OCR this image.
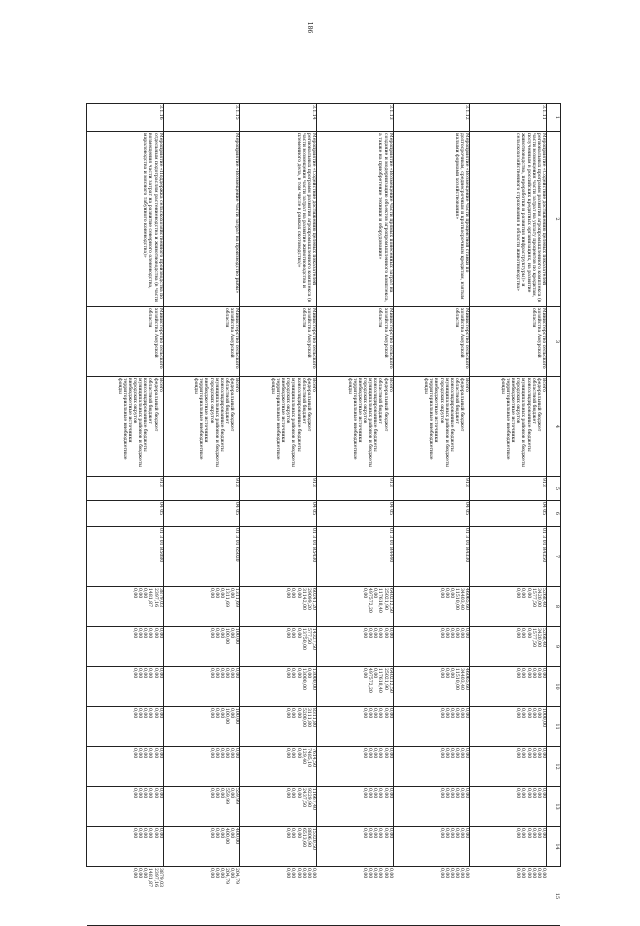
186
1
2
3
4
5
6
7
8
9
10
11
12
13
14
15
3.1.11
Мероприятие «Содействие достижению целевых показателей региональных программ развития агропромышленного комплекса (в части возмещения части затрат на уплату процентов по кредитам, полученным в российских кредитных организациях, на развитие животноводства, переработки и развития инфраструктуры)» и сельскохозяйственного страхования в области животноводства»
Министерство сельского хозяйства Амурской области
Всего
федеральный бюджет
областной бюджет
консолидированные бюджеты муниципальных районов и бюджеты городских округов
внебюджетные источники
территориальные внебюджетные фонды
913
04 05
01 3 01 R4350
5268,40
3420,00
1577,50
0,00
0,00
0,00
5268,40
3420,00
1577,50
0,00
0,00
0,00
0,00
0,00
0,00
0,00
0,00
0,00
1000,00
0,00
0,00
0,00
0,00
0,00
0,00
0,00
0,00
0,00
0,00
0,00
0,00
0,00
0,00
0,00
0,00
0,00
0,00
0,00
0,00
0,00
0,00
0,00
0,00
0,00
0,00
0,00
0,00
0,00
3.1.12
Мероприятие «Возмещение части процентной ставки по долгосрочным, среднесрочным и краткосрочным кредитам, взятым малыми формами хозяйствования»
Министерство сельского хозяйства Амурской области
Всего
федеральный бюджет
областной бюджет
консолидированные бюджеты муниципальных районов и бюджеты городских округов
внебюджетные источники
территориальные внебюджетные фонды
913
04 05
01 3 01 R4330
46065,60
34403,40
11510,00
0,00
0,00
0,00
0,00
0,00
0,00
0,00
0,00
0,00
46065,60
34403,40
11510,00
0,00
0,00
0,00
0,00
0,00
0,00
0,00
0,00
0,00
0,00
0,00
0,00
0,00
0,00
0,00
0,00
0,00
0,00
0,00
0,00
0,00
0,00
0,00
0,00
0,00
0,00
0,00
0,00
0,00
0,00
0,00
0,00
0,00
3.1.13
Мероприятие «Возмещение части прямых понесенных затрат на создание и модернизацию объектов агропромышленного комплекса, а также на приобретение техники и оборудования»
Министерство сельского хозяйства Амурской области
Всего
федеральный бюджет
областной бюджет
консолидированные бюджеты муниципальных районов и бюджеты городских округов
внебюджетные источники
территориальные внебюджетные фонды
913
04 05
01 3 01 R4440
640212,50
25021,90
117618,40
0,00
497572,20
0,00
0,00
0,00
0,00
0,00
0,00
0,00
640212,50
25021,90
117618,40
0,00
497572,20
0,00
0,00
0,00
0,00
0,00
0,00
0,00
0,00
0,00
0,00
0,00
0,00
0,00
0,00
0,00
0,00
0,00
0,00
0,00
0,00
0,00
0,00
0,00
0,00
0,00
0,00
0,00
0,00
0,00
0,00
0,00
3.1.14
Мероприятие «Содействие достижению целевых показателей региональных программ развития агропромышленного комплекса (в части возмещения части затрат на развитие животноводства и племенного дела, в том числе в рамках скотоводства)»
Министерство сельского хозяйства Амурской области
Всего
федеральный бюджет
областной бюджет
консолидированные бюджеты муниципальных районов и бюджеты городских округов
внебюджетные источники
территориальные внебюджетные фонды
913
04 05
01 3 01 R5430
60241,20
29099,20
31142,00
0,00
0,00
0,00
14327,50
577,50
13750,00
0,00
0,00
0,00
13000,00
0,00
13000,00
0,00
0,00
0,00
8311,80
3111,80
5200,00
0,00
0,00
0,00
7614,50
7485,10
129,40
0,00
0,00
0,00
11667,40
9229,90
2437,50
0,00
0,00
0,00
15320,50
8806,90
6513,60
0,00
0,00
0,00
0,00
0,00
0,00
0,00
0,00
0,00
3.1.15
Мероприятие «Возмещение части затрат на производство рыбы»
Министерство сельского хозяйства Амурской области
Всего
федеральный бюджет
областной бюджет
консолидированные бюджеты муниципальных районов и бюджеты городских округов
внебюджетные источники
территориальные внебюджетные фонды
913
04 05
01 3 01 65020
1311,69
0,00
1311,69
0,00
0,00
0,00
100,00
0,00
100,00
0,00
0,00
0,00
0,00
0,00
0,00
0,00
0,00
0,00
100,00
0,00
100,00
0,00
0,00
0,00
0,00
0,00
0,00
0,00
0,00
0,00
559,99
0,00
559,99
0,00
0,00
0,00
400,00
0,00
400,00
0,00
0,00
0,00
204,79
0,00
204,79
0,00
0,00
0,00
3.1.16
Мероприятие «Поддержка сельскохозяйственного производства по отдельным подотраслям растениеводства и животноводства (в части возмещения части затрат на развитие северного оленеводства, мараловодства и мясного табунного коневодства)»
Министерство сельского хозяйства Амурской области
Всего
федеральный бюджет
областной бюджет
консолидированные бюджеты муниципальных районов и бюджеты городских округов
внебюджетные источники
территориальные внебюджетные фонды
913
04 05
01 3 01 R5080
3879,03
2397,16
1481,87
0,00
0,00
0,00
0,00
0,00
0,00
0,00
0,00
0,00
0,00
0,00
0,00
0,00
0,00
0,00
0,00
0,00
0,00
0,00
0,00
0,00
0,00
0,00
0,00
0,00
0,00
0,00
0,00
0,00
0,00
0,00
0,00
0,00
0,00
0,00
0,00
0,00
0,00
0,00
3879,03
2397,16
1481,87
0,00
0,00
0,00
